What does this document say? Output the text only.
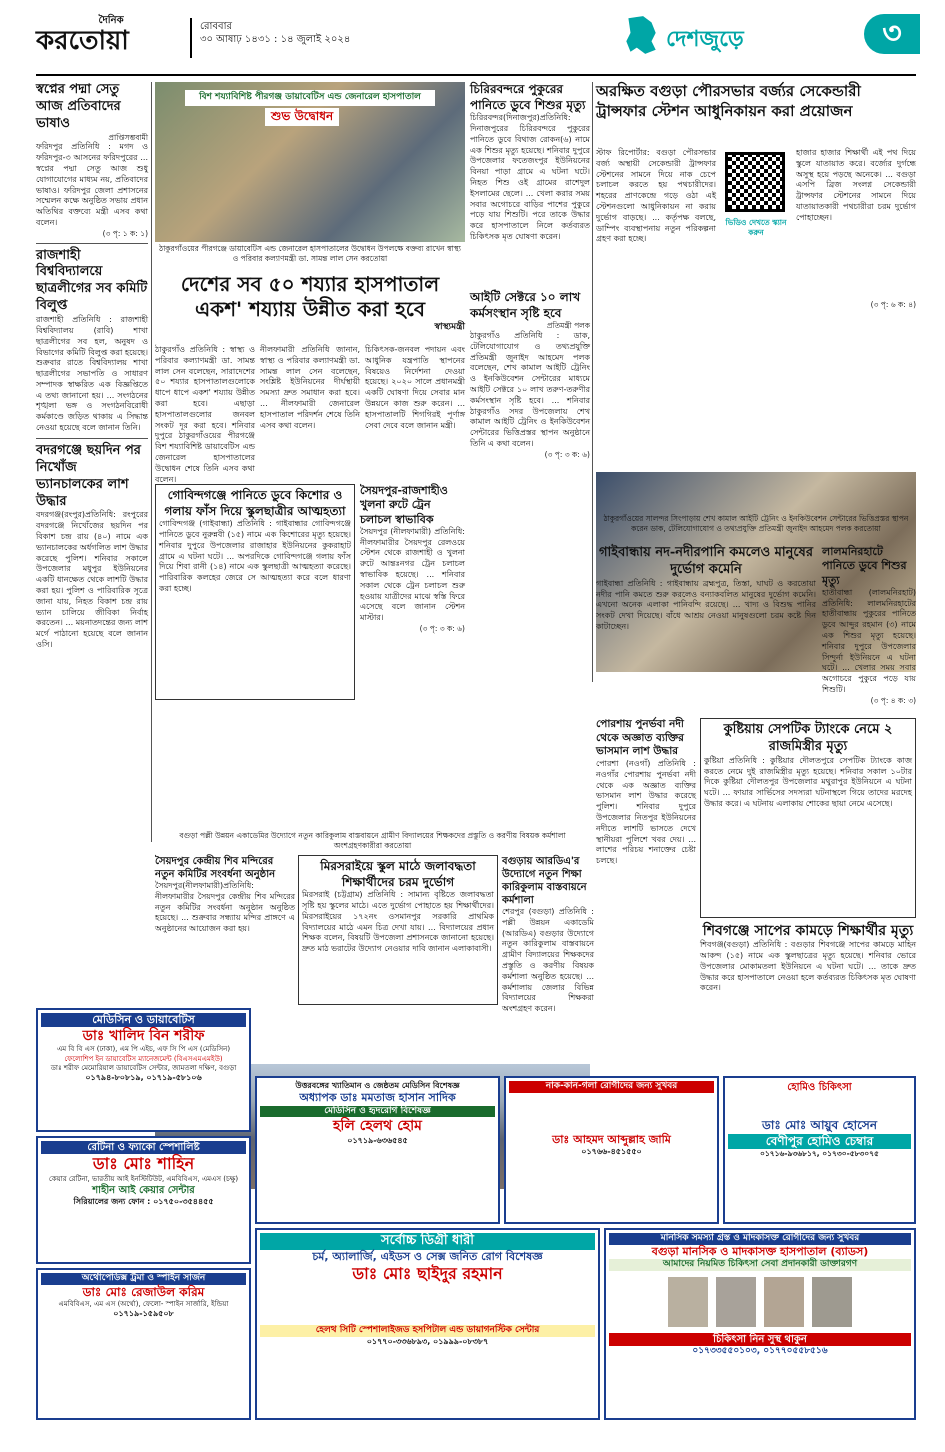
দৈনিক
করতোয়া	রোববার
৩০ আষাঢ় ১৪৩১ : ১৪ জুলাই ২০২৪	দেশজুড়ে	৩
স্বপ্নের পদ্মা সেতু আজ প্রতিবাদের ভাষাও
প্রাপ্তিসম্ভবামী

ফরিদপুর প্রতিনিধি : মগদ ও ফরিদপুর-৩ আসনের ফরিদপুরের ... স্বপ্নের পদ্মা সেতু আজ শুধু যোগাযোগের মাধ্যম নয়, প্রতিবাদের ভাষাও। ফরিদপুর জেলা প্রশাসনের সম্মেলন কক্ষে অনুষ্ঠিত সভায় প্রধান অতিথির বক্তব্যে মন্ত্রী এসব কথা বলেন।

(৩ পৃ: ১ ক: ১)
রাজশাহী বিশ্ববিদ্যালয়ে ছাত্রলীগের সব কমিটি বিলুপ্ত

রাজশাহী প্রতিনিধি : রাজশাহী বিশ্ববিদ্যালয় (রাবি) শাখা ছাত্রলীগের সব হল, অনুষদ ও বিভাগের কমিটি বিলুপ্ত করা হয়েছে। শুক্রবার রাতে বিশ্ববিদ্যালয় শাখা ছাত্রলীগের সভাপতি ও সাধারণ সম্পাদক স্বাক্ষরিত এক বিজ্ঞপ্তিতে এ তথ্য জানানো হয়। ... সংগঠনের শৃঙ্খলা ভঙ্গ ও সংগঠনবিরোধী কর্মকাণ্ডে জড়িত থাকায় এ সিদ্ধান্ত নেওয়া হয়েছে বলে জানান তিনি।

বদরগঞ্জে ছয়দিন পর নিখোঁজ ভ্যানচালকের লাশ উদ্ধার

বদরগঞ্জ(রংপুর)প্রতিনিধি: রংপুরের বদরগঞ্জে নিখোঁজের ছয়দিন পর বিকাশ চন্দ্র রায় (৪০) নামে এক ভ্যানচালকের অর্ধগলিত লাশ উদ্ধার করেছে পুলিশ। শনিবার সকালে উপজেলার মধুপুর ইউনিয়নের একটি ধানক্ষেত থেকে লাশটি উদ্ধার করা হয়। পুলিশ ও পারিবারিক সূত্রে জানা যায়, নিহত বিকাশ চন্দ্র রায় ভ্যান চালিয়ে জীবিকা নির্বাহ করতেন। ... ময়নাতদন্তের জন্য লাশ মর্গে পাঠানো হয়েছে বলে জানান ওসি।

বিশ শয্যাবিশিষ্ট পীরগঞ্জ ডায়াবেটিস এন্ড জেনারেল হাসপাতাল
শুভ উদ্বোধন
ঠাকুরগাঁওয়ের পীরগঞ্জে ডায়াবেটিস এন্ড জেনারেল হাসপাতালের উদ্বোধন উপলক্ষে বক্তব্য রাখেন স্বাস্থ্য ও পরিবার কল্যাণমন্ত্রী ডা. সামন্ত লাল সেন করতোয়া
চিরিরবন্দরে পুকুরের পানিতে ডুবে শিশুর মৃত্যু

চিরিরবন্দর(দিনাজপুর)প্রতিনিধি: দিনাজপুরের চিরিরবন্দরে পুকুরের পানিতে ডুবে বিথাজ রোকন(৬) নামে এক শিশুর মৃত্যু হয়েছে। শনিবার দুপুরে উপজেলার ফতেজংপুর ইউনিয়নের বিনয়া পাড়া গ্রামে এ ঘটনা ঘটে। নিহত শিশু ওই গ্রামের রাশেদুল ইসলামের ছেলে। ... খেলা করার সময় সবার অগোচরে বাড়ির পাশের পুকুরে পড়ে যায় শিশুটি। পরে তাকে উদ্ধার করে হাসপাতালে নিলে কর্তব্যরত চিকিৎসক মৃত ঘোষণা করেন।

দেশের সব ৫০ শয্যার হাসপাতাল একশ' শয্যায় উন্নীত করা হবে
স্বাস্থ্যমন্ত্রী

ঠাকুরগাঁও প্রতিনিধি : স্বাস্থ্য ও পরিবার কল্যাণমন্ত্রী ডা. সামন্ত লাল সেন বলেছেন, সারাদেশের ৫০ শয্যার হাসপাতালগুলোকে ধাপে ধাপে একশ' শয্যায় উন্নীত করা হবে। এছাড়া হাসপাতালগুলোর জনবল সংকট দূর করা হবে। শনিবার দুপুরে ঠাকুরগাঁওয়ের পীরগঞ্জে বিশ শয্যাবিশিষ্ট ডায়াবেটিস এন্ড জেনারেল হাসপাতালের উদ্বোধন শেষে তিনি এসব কথা বলেন।

নীলফামারী প্রতিনিধি জানান, স্বাস্থ্য ও পরিবার কল্যাণমন্ত্রী ডা. সামন্ত লাল সেন বলেছেন, সংশ্লিষ্ট ইউনিয়নের দীর্ঘস্থায়ী সমস্যা দ্রুত সমাধান করা হবে। ... নীলফামারী জেনারেল হাসপাতাল পরিদর্শন শেষে তিনি এসব কথা বলেন।

চিকিৎসক-জনবল পদায়ন এবং আধুনিক যন্ত্রপাতি স্থাপনের বিষয়েও নির্দেশনা দেওয়া হয়েছে। ২০২০ সালে প্রধানমন্ত্রী একটি ঘোষণা দিয়ে সেবার মান উন্নয়নে কাজ শুরু করেন। ... হাসপাতালটি শিগগিরই পূর্ণাঙ্গ সেবা দেবে বলে জানান মন্ত্রী।

আইটি সেক্টরে ১০ লাখ কর্মসংস্থান সৃষ্টি হবে
প্রতিমন্ত্রী পলক

ঠাকুরগাঁও প্রতিনিধি : ডাক, টেলিযোগাযোগ ও তথ্যপ্রযুক্তি প্রতিমন্ত্রী জুনাইদ আহমেদ পলক বলেছেন, শেখ কামাল আইটি ট্রেনিং ও ইনকিউবেশন সেন্টারের মাধ্যমে আইটি সেক্টরে ১০ লাখ তরুণ-তরুণীর কর্মসংস্থান সৃষ্টি হবে। ... শনিবার ঠাকুরগাঁও সদর উপজেলায় শেখ কামাল আইটি ট্রেনিং ও ইনকিউবেশন সেন্টারের ভিত্তিপ্রস্তর স্থাপন অনুষ্ঠানে তিনি এ কথা বলেন।

(৩ পৃ: ৩ ক: ৬)
অরক্ষিত বগুড়া পৌরসভার বর্জ্যর সেকেন্ডারী ট্রান্সফার স্টেশন আধুনিকায়ন করা প্রয়োজন

স্টাফ রিপোর্টার: বগুড়া পৌরসভার বর্জ্য অস্থায়ী সেকেন্ডারী ট্রান্সফার স্টেশনের সামনে দিয়ে নাক চেপে চলাচল করতে হয় পথচারীদের। শহরের প্রাণকেন্দ্রে গড়ে ওঠা এই স্টেশনগুলো আধুনিকায়ন না করায় দুর্ভোগ বাড়ছে। ... কর্তৃপক্ষ বলছে, ডাম্পিং ব্যবস্থাপনায় নতুন পরিকল্পনা গ্রহণ করা হচ্ছে।

ভিডিও দেখতে স্ক্যান করুন

হাজার হাজার শিক্ষার্থী এই পথ দিয়ে স্কুলে যাতায়াত করে। বর্জ্যের দুর্গন্ধে অসুস্থ হয়ে পড়ছে অনেকে। ... বগুড়া এসপি ব্রিজ সংলগ্ন সেকেন্ডারী ট্রান্সফার স্টেশনের সামনে দিয়ে যাতায়াতকারী পথচারীরা চরম দুর্ভোগ পোহাচ্ছেন।

(৩ পৃ: ৬ ক: ৪)
ঠাকুরগাঁওয়ের সালন্দর সিংপাড়ায় শেখ কামাল আইটি ট্রেনিং ও ইনকিউবেশন সেন্টারের ভিত্তিপ্রস্তর স্থাপন করেন ডাক, টেলিযোগাযোগ ও তথ্যপ্রযুক্তি প্রতিমন্ত্রী জুনাইদ আহমেদ পলক করতোয়া
গোবিন্দগঞ্জে পানিতে ডুবে কিশোর ও গলায় ফাঁস দিয়ে স্কুলছাত্রীর আত্মহত্যা

গোবিন্দগঞ্জ (গাইবান্ধা) প্রতিনিধি : গাইবান্ধার গোবিন্দগঞ্জে পানিতে ডুবে নুরুন্নবী (১৫) নামে এক কিশোরের মৃত্যু হয়েছে। শনিবার দুপুরে উপজেলার রাজাহার ইউনিয়নের কুকরাহাট গ্রামে এ ঘটনা ঘটে। ... অপরদিকে গোবিন্দগঞ্জে গলায় ফাঁস দিয়ে শিবা রানী (১৪) নামে এক স্কুলছাত্রী আত্মহত্যা করেছে। পারিবারিক কলহের জেরে সে আত্মহত্যা করে বলে ধারণা করা হচ্ছে।

সৈয়দপুর-রাজশাহীও খুলনা রুটে ট্রেন চলাচল স্বাভাবিক

সৈয়দপুর (নীলফামারী) প্রতিনিধি: নীলফামারীর সৈয়দপুর রেলওয়ে স্টেশন থেকে রাজশাহী ও খুলনা রুটে আন্তঃনগর ট্রেন চলাচল স্বাভাবিক হয়েছে। ... শনিবার সকাল থেকে ট্রেন চলাচল শুরু হওয়ায় যাত্রীদের মাঝে স্বস্তি ফিরে এসেছে বলে জানান স্টেশন মাস্টার।

(৩ পৃ: ৩ ক: ৬)
গাইবান্ধায় নদ-নদীরপানি কমলেও মানুষের দুর্ভোগ কমেনি

গাইবান্ধা প্রতিনিধি : গাইবান্ধায় ব্রহ্মপুত্র, তিস্তা, ঘাঘট ও করতোয়া নদীর পানি কমতে শুরু করলেও বন্যাকবলিত মানুষের দুর্ভোগ কমেনি। এখনো অনেক এলাকা পানিবন্দি রয়েছে। ... খাদ্য ও বিশুদ্ধ পানির সংকট দেখা দিয়েছে। বাঁধে আশ্রয় নেওয়া মানুষগুলো চরম কষ্টে দিন কাটাচ্ছেন।

লালমনিরহাটে পানিতে ডুবে শিশুর মৃত্যু

হাতীবান্ধা (লালমনিরহাট) প্রতিনিধি: লালমনিরহাটের হাতীবান্ধায় পুকুরের পানিতে ডুবে আব্দুর রহমান (৩) নামে এক শিশুর মৃত্যু হয়েছে। শনিবার দুপুরে উপজেলার সিন্দুর্না ইউনিয়নে এ ঘটনা ঘটে। ... খেলার সময় সবার অগোচরে পুকুরে পড়ে যায় শিশুটি।

(৩ পৃ: ৪ ক: ৩)
বগুড়া পল্লী উন্নয়ন একাডেমির উদ্যোগে নতুন কারিকুলাম বাস্তবায়নে গ্রামীণ বিদ্যালয়ের শিক্ষকদের প্রস্তুতি ও করণীয় বিষয়ক কর্মশালা অংশগ্রহণকারীরা করতোয়া
কুষ্টিয়ায় সেপটিক ট্যাংকে নেমে ২ রাজমিস্ত্রীর মৃত্যু

কুষ্টিয়া প্রতিনিধি : কুষ্টিয়ার দৌলতপুরে সেপটিক ট্যাংকে কাজ করতে নেমে দুই রাজমিস্ত্রীর মৃত্যু হয়েছে। শনিবার সকাল ১০টার দিকে কুষ্টিয়া দৌলতপুর উপজেলার মথুরাপুর ইউনিয়নে এ ঘটনা ঘটে। ... ফায়ার সার্ভিসের সদস্যরা ঘটনাস্থলে গিয়ে তাদের মরদেহ উদ্ধার করে। এ ঘটনায় এলাকায় শোকের ছায়া নেমে এসেছে।

পোরশায় পুনর্ভবা নদী থেকে অজ্ঞাত ব্যক্তির ভাসমান লাশ উদ্ধার

পোরশা (নওগাঁ) প্রতিনিধি : নওগাঁর পোরশায় পুনর্ভবা নদী থেকে এক অজ্ঞাত ব্যক্তির ভাসমান লাশ উদ্ধার করেছে পুলিশ। শনিবার দুপুরে উপজেলার নিতপুর ইউনিয়নের নদীতে লাশটি ভাসতে দেখে স্থানীয়রা পুলিশে খবর দেয়। ... লাশের পরিচয় শনাক্তের চেষ্টা চলছে।

সৈয়দপুর কেন্দ্রীয় শিব মন্দিরের নতুন কমিটির সংবর্ধনা অনুষ্ঠান

সৈয়দপুর(নীলফামারী)প্রতিনিধি: নীলফামারীর সৈয়দপুর কেন্দ্রীয় শিব মন্দিরের নতুন কমিটির সংবর্ধনা অনুষ্ঠান অনুষ্ঠিত হয়েছে। ... শুক্রবার সন্ধ্যায় মন্দির প্রাঙ্গণে এ অনুষ্ঠানের আয়োজন করা হয়।

মিরসরাইয়ে স্কুল মাঠে জলাবদ্ধতা শিক্ষার্থীদের চরম দুর্ভোগ

মিরসরাই (চট্টগ্রাম) প্রতিনিধি : সামান্য বৃষ্টিতে জলাবদ্ধতা সৃষ্টি হয় স্কুলের মাঠে। এতে দুর্ভোগ পোহাতে হয় শিক্ষার্থীদের। মিরসরাইয়ের ১৭২নং ওসমানপুর সরকারি প্রাথমিক বিদ্যালয়ের মাঠে এমন চিত্র দেখা যায়। ... বিদ্যালয়ের প্রধান শিক্ষক বলেন, বিষয়টি উপজেলা প্রশাসনকে জানানো হয়েছে। দ্রুত মাঠ ভরাটের উদ্যোগ নেওয়ার দাবি জানান এলাকাবাসী।

বগুড়ায় আরডিএ'র উদ্যোগে নতুন শিক্ষা কারিকুলাম বাস্তবায়নে কর্মশালা

শেরপুর (বগুড়া) প্রতিনিধি : পল্লী উন্নয়ন একাডেমি (আরডিএ) বগুড়ার উদ্যোগে নতুন কারিকুলাম বাস্তবায়নে গ্রামীণ বিদ্যালয়ের শিক্ষকদের প্রস্তুতি ও করণীয় বিষয়ক কর্মশালা অনুষ্ঠিত হয়েছে। ... কর্মশালায় জেলার বিভিন্ন বিদ্যালয়ের শিক্ষকরা অংশগ্রহণ করেন।

শিবগঞ্জে সাপের কামড়ে শিক্ষার্থীর মৃত্যু

শিবগঞ্জ(বগুড়া) প্রতিনিধি : বগুড়ার শিবগঞ্জে সাপের কামড়ে মাহিন আকন্দ (১৫) নামে এক স্কুলছাত্রের মৃত্যু হয়েছে। শনিবার ভোরে উপজেলার মোকামতলা ইউনিয়নে এ ঘটনা ঘটে। ... তাকে দ্রুত উদ্ধার করে হাসপাতালে নেওয়া হলে কর্তব্যরত চিকিৎসক মৃত ঘোষণা করেন।

মেডিসিন ও ডায়াবেটিস
ডাঃ খালিদ বিন শরীফ
এম বি বি এস (ঢাকা), এম পি এইচ, এফ সি পি এস (মেডিসিন)
ফেলোশিপ ইন ডায়াবেটিস ম্যানেজমেন্ট (বিএসএমএমইউ)
ডাঃ শরীফ মেমোরিয়াল ডায়াবেটিস সেন্টার, জামতলা দক্ষিণ, বগুড়া
০১৭৯৪-৮০৮১৯, ০১৭১৯-৫৮১০৬
উত্তরবঙ্গের খ্যাতিমান ও জেষ্ঠতম মেডিসিন বিশেষজ্ঞ
অধ্যাপক ডাঃ মমতাজ হাসান সাদিক
মেডিসিন ও হৃদরোগ বিশেষজ্ঞ
হলি হেলথ হোম
০১৭১৯-৬৩৬৫৪৫
নাক-কান-গলা রোগীদের জন্য সুখবর
ডাঃ আহমদ আব্দুল্লাহ জামি
০১৭৬৬-৪৫১৫৫০
হোমিও চিকিৎসা
ডাঃ মোঃ আয়ুব হোসেন
বেণীপুর হোমিও চেম্বার
০১৭১৬-৯৩৬৮১৭, ০১৭৩০-৫৮৩০৭৫
রেটিনা ও ফ্যাকো স্পেশালিষ্ট
ডাঃ মোঃ শাহিন
কেয়ার রেটিনা, ভারতীয় আই ইনস্টিটিউট, এমবিবিএস, এমএস (চক্ষু)
শাহীন আই কেয়ার সেন্টার
সিরিয়ালের জন্য ফোন : ০১৭৫০-৩৫৪৪৫৫
অর্থোপেডিক্স ট্রমা ও স্পাইন সার্জন
ডাঃ মোঃ রেজাউল করিম
এমবিবিএস, এম এস (অর্থো), ফেলো- স্পাইন সার্জারি, ইন্ডিয়া
০১৭১৯-১৫৯৫০৮
সর্বোচ্চ ডিগ্রী ধারী
চর্ম, অ্যালার্জি, এইডস ও সেক্স জনিত রোগ বিশেষজ্ঞ
ডাঃ মোঃ ছাইদুর রহমান
হেলথ সিটি স্পেশালাইজড হসপিটাল এন্ড ডায়াগনস্টিক সেন্টার
০১৭৭০-৩৩৬৮৯৩, ০১৯৯৯-০৮৩৮৭
মানসিক সমস্যা গ্রস্ত ও মাদকাসক্ত রোগীদের জন্য সুখবর
বগুড়া মানসিক ও মাদকাসক্ত হাসপাতাল (ব্যাডস)
আমাদের নিয়মিত চিকিৎসা সেবা প্রদানকারী ডাক্তারগণ
চিকিৎসা নিন সুস্থ থাকুন
০১৭৩৩৫৫০১০৩, ০১৭৭০৫৫৮৫১৬
